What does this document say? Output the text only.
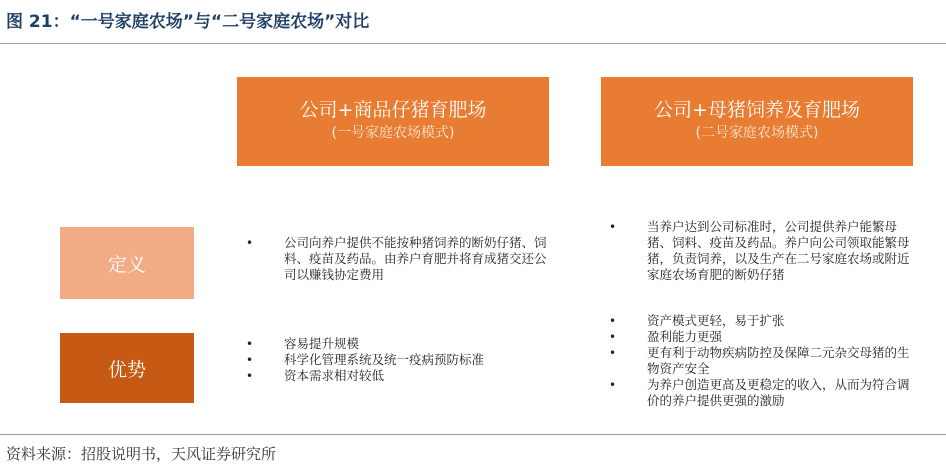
图 21：“一号家庭农场”与“二号家庭农场”对比
公司+商品仔猪育肥场
(一号家庭农场模式)
公司+母猪饲养及育肥场
(二号家庭农场模式)
定义
优势
• 公司向养户提供不能按种猪饲养的断奶仔猪、饲料、疫苗及药品。由养户育肥并将育成猪交还公司以赚钱协定费用
• 容易提升规模
• 科学化管理系统及统一疫病预防标准
• 资本需求相对较低
• 当养户达到公司标准时，公司提供养户能繁母猪、饲料、疫苗及药品。养户向公司领取能繁母猪，负责饲养，以及生产在二号家庭农场或附近家庭农场育肥的断奶仔猪
• 资产模式更轻，易于扩张
• 盈利能力更强
• 更有利于动物疾病防控及保障二元杂交母猪的生物资产安全
• 为养户创造更高及更稳定的收入，从而为符合调价的养户提供更强的激励
资料来源：招股说明书，天风证券研究所
